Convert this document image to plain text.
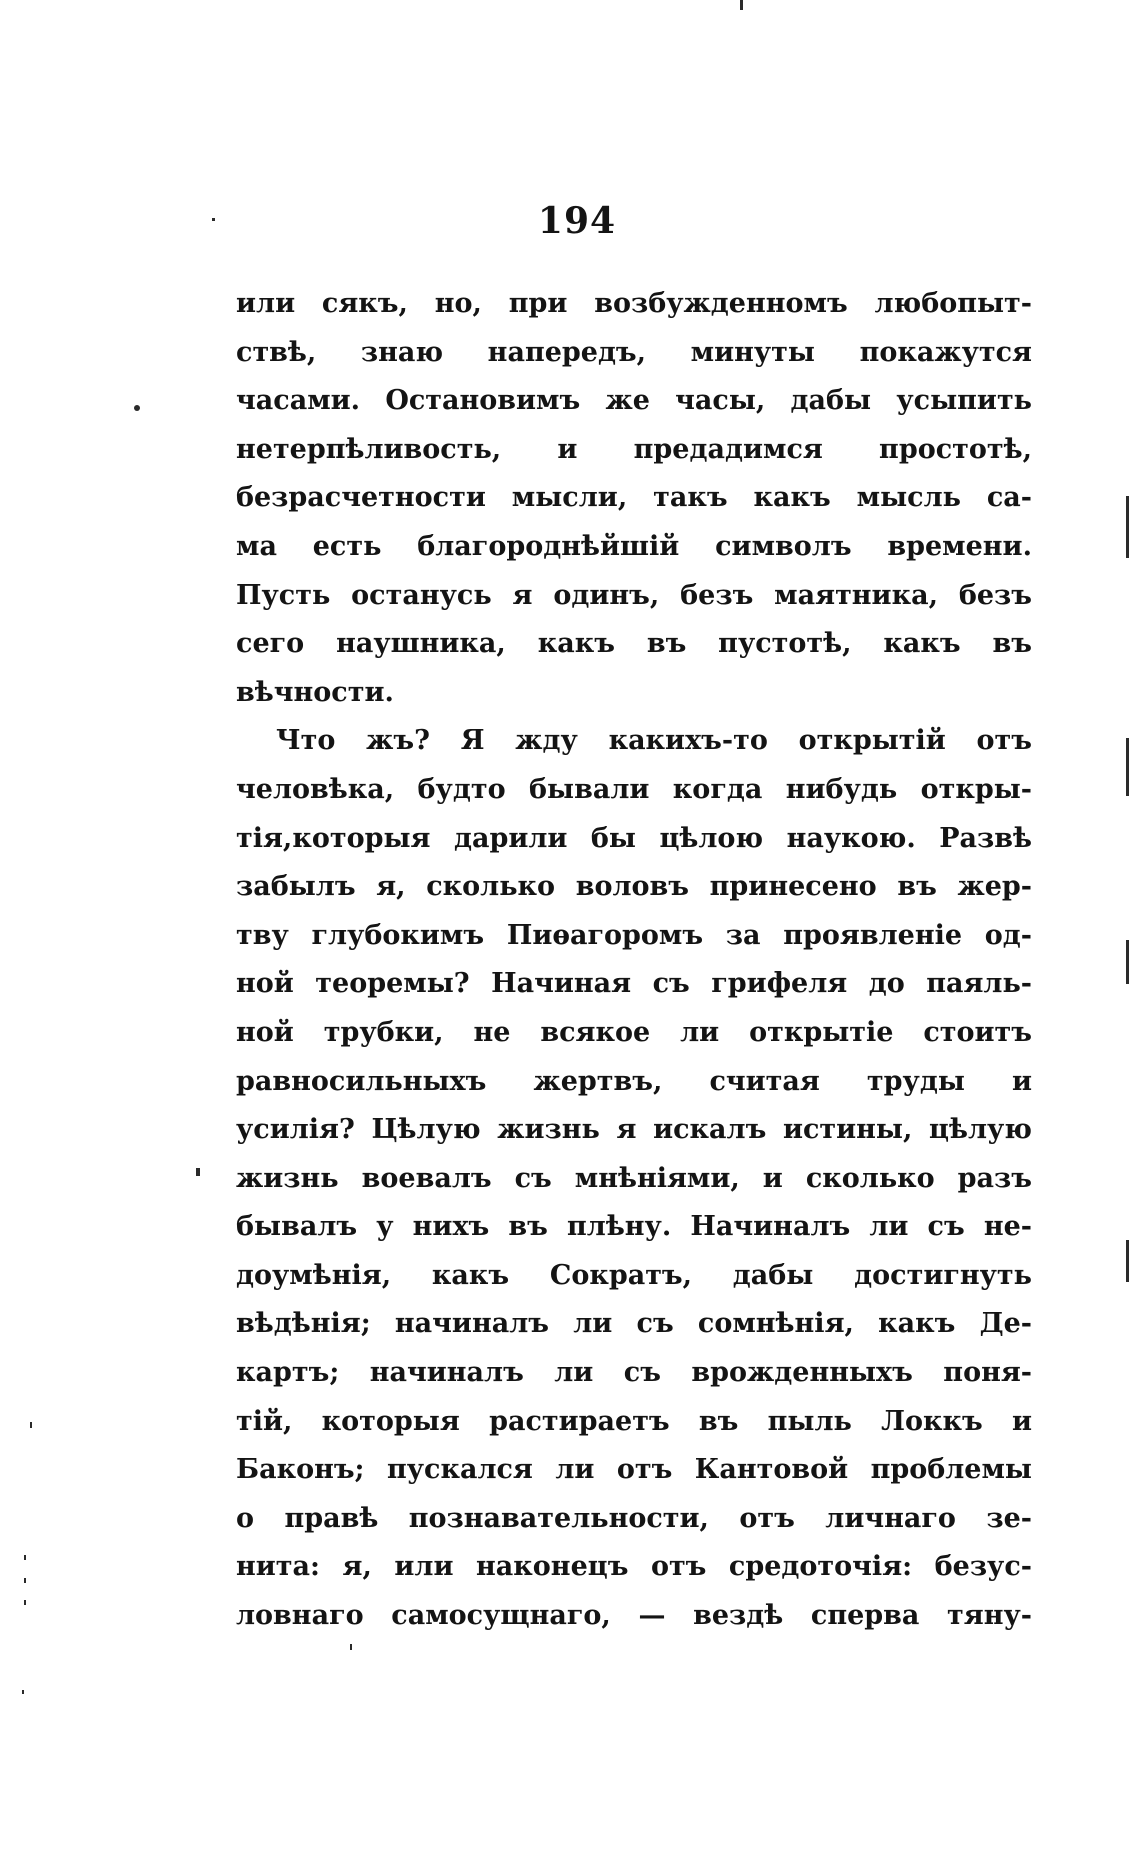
194
или сякъ, но, при возбужденномъ любопыт-
ствѣ, знаю напередъ, минуты покажутся
часами. Остановимъ же часы, дабы усыпить
нетерпѣливость, и предадимся простотѣ,
безрасчетности мысли, такъ какъ мысль са-
ма есть благороднѣйшій символъ времени.
Пусть останусь я одинъ, безъ маятника, безъ
сего наушника, какъ въ пустотѣ, какъ въ
вѣчности.
Что жъ? Я жду какихъ-то открытій отъ
человѣка, будто бывали когда нибудь откры-
тія,которыя дарили бы цѣлою наукою. Развѣ
забылъ я, сколько воловъ принесено въ жер-
тву глубокимъ Пиѳагоромъ за проявленіе од-
ной теоремы? Начиная съ грифеля до паяль-
ной трубки, не всякое ли открытіе стоитъ
равносильныхъ жертвъ, считая труды и
усилія? Цѣлую жизнь я искалъ истины, цѣлую
жизнь воевалъ съ мнѣніями, и сколько разъ
бывалъ у нихъ въ плѣну. Начиналъ ли съ не-
доумѣнія, какъ Сократъ, дабы достигнуть
вѣдѣнія; начиналъ ли съ сомнѣнія, какъ Де-
картъ; начиналъ ли съ врожденныхъ поня-
тій, которыя растираетъ въ пыль Локкъ и
Баконъ; пускался ли отъ Кантовой проблемы
о правѣ познавательности, отъ личнаго зе-
нита: я, или наконецъ отъ средоточія: безус-
ловнаго самосущнаго, — вездѣ сперва тяну-
